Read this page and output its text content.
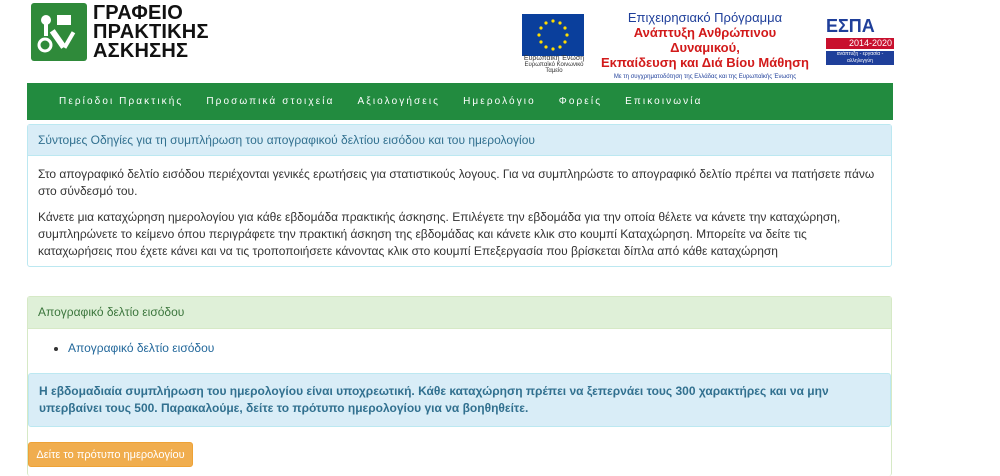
ΓΡΑΦΕΙΟ
ΠΡΑΚΤΙΚΗΣ
ΑΣΚΗΣΗΣ	Ευρωπαϊκή Ένωση
Ευρωπαϊκό Κοινωνικό Ταμείο
Επιχειρησιακό Πρόγραμμα
Ανάπτυξη Ανθρώπινου Δυναμικού,
Εκπαίδευση και Διά Βίου Μάθηση
Με τη συγχρηματοδότηση της Ελλάδας και της Ευρωπαϊκής Ένωσης
ΕΣΠΑ
2014-2020
ανάπτυξη - εργασία - αλληλεγγύη
Περίοδοι Πρακτικής Προσωπικά στοιχεία Αξιολογήσεις Ημερολόγιο Φορείς Επικοινωνία
Σύντομες Οδηγίες για τη συμπλήρωση του απογραφικού δελτίου εισόδου και του ημερολογίου

Στο απογραφικό δελτίο εισόδου περιέχονται γενικές ερωτήσεις για στατιστικούς λογους. Για να συμπληρώστε το απογραφικό δελτίο πρέπει να πατήσετε πάνω στο σύνδεσμό του.

Κάνετε μια καταχώρηση ημερολογίου για κάθε εβδομάδα πρακτικής άσκησης. Επιλέγετε την εβδομάδα για την οποία θέλετε να κάνετε την καταχώρηση, συμπληρώνετε το κείμενο όπου περιγράφετε την πρακτική άσκηση της εβδομάδας και κάνετε κλικ στο κουμπί Καταχώρηση. Μπορείτε να δείτε τις καταχωρήσεις που έχετε κάνει και να τις τροποποιήσετε κάνοντας κλικ στο κουμπί Επεξεργασία που βρίσκεται δίπλα από κάθε καταχώρηση

Απογραφικό δελτίο εισόδου
• Απογραφικό δελτίο εισόδου
Η εβδομαδιαία συμπλήρωση του ημερολογίου είναι υποχρεωτική. Κάθε καταχώρηση πρέπει να ξεπερνάει τους 300 χαρακτήρες και να μην υπερβαίνει τους 500. Παρακαλούμε, δείτε το πρότυπο ημερολογίου για να βοηθηθείτε.
Δείτε το πρότυπο ημερολογίου
